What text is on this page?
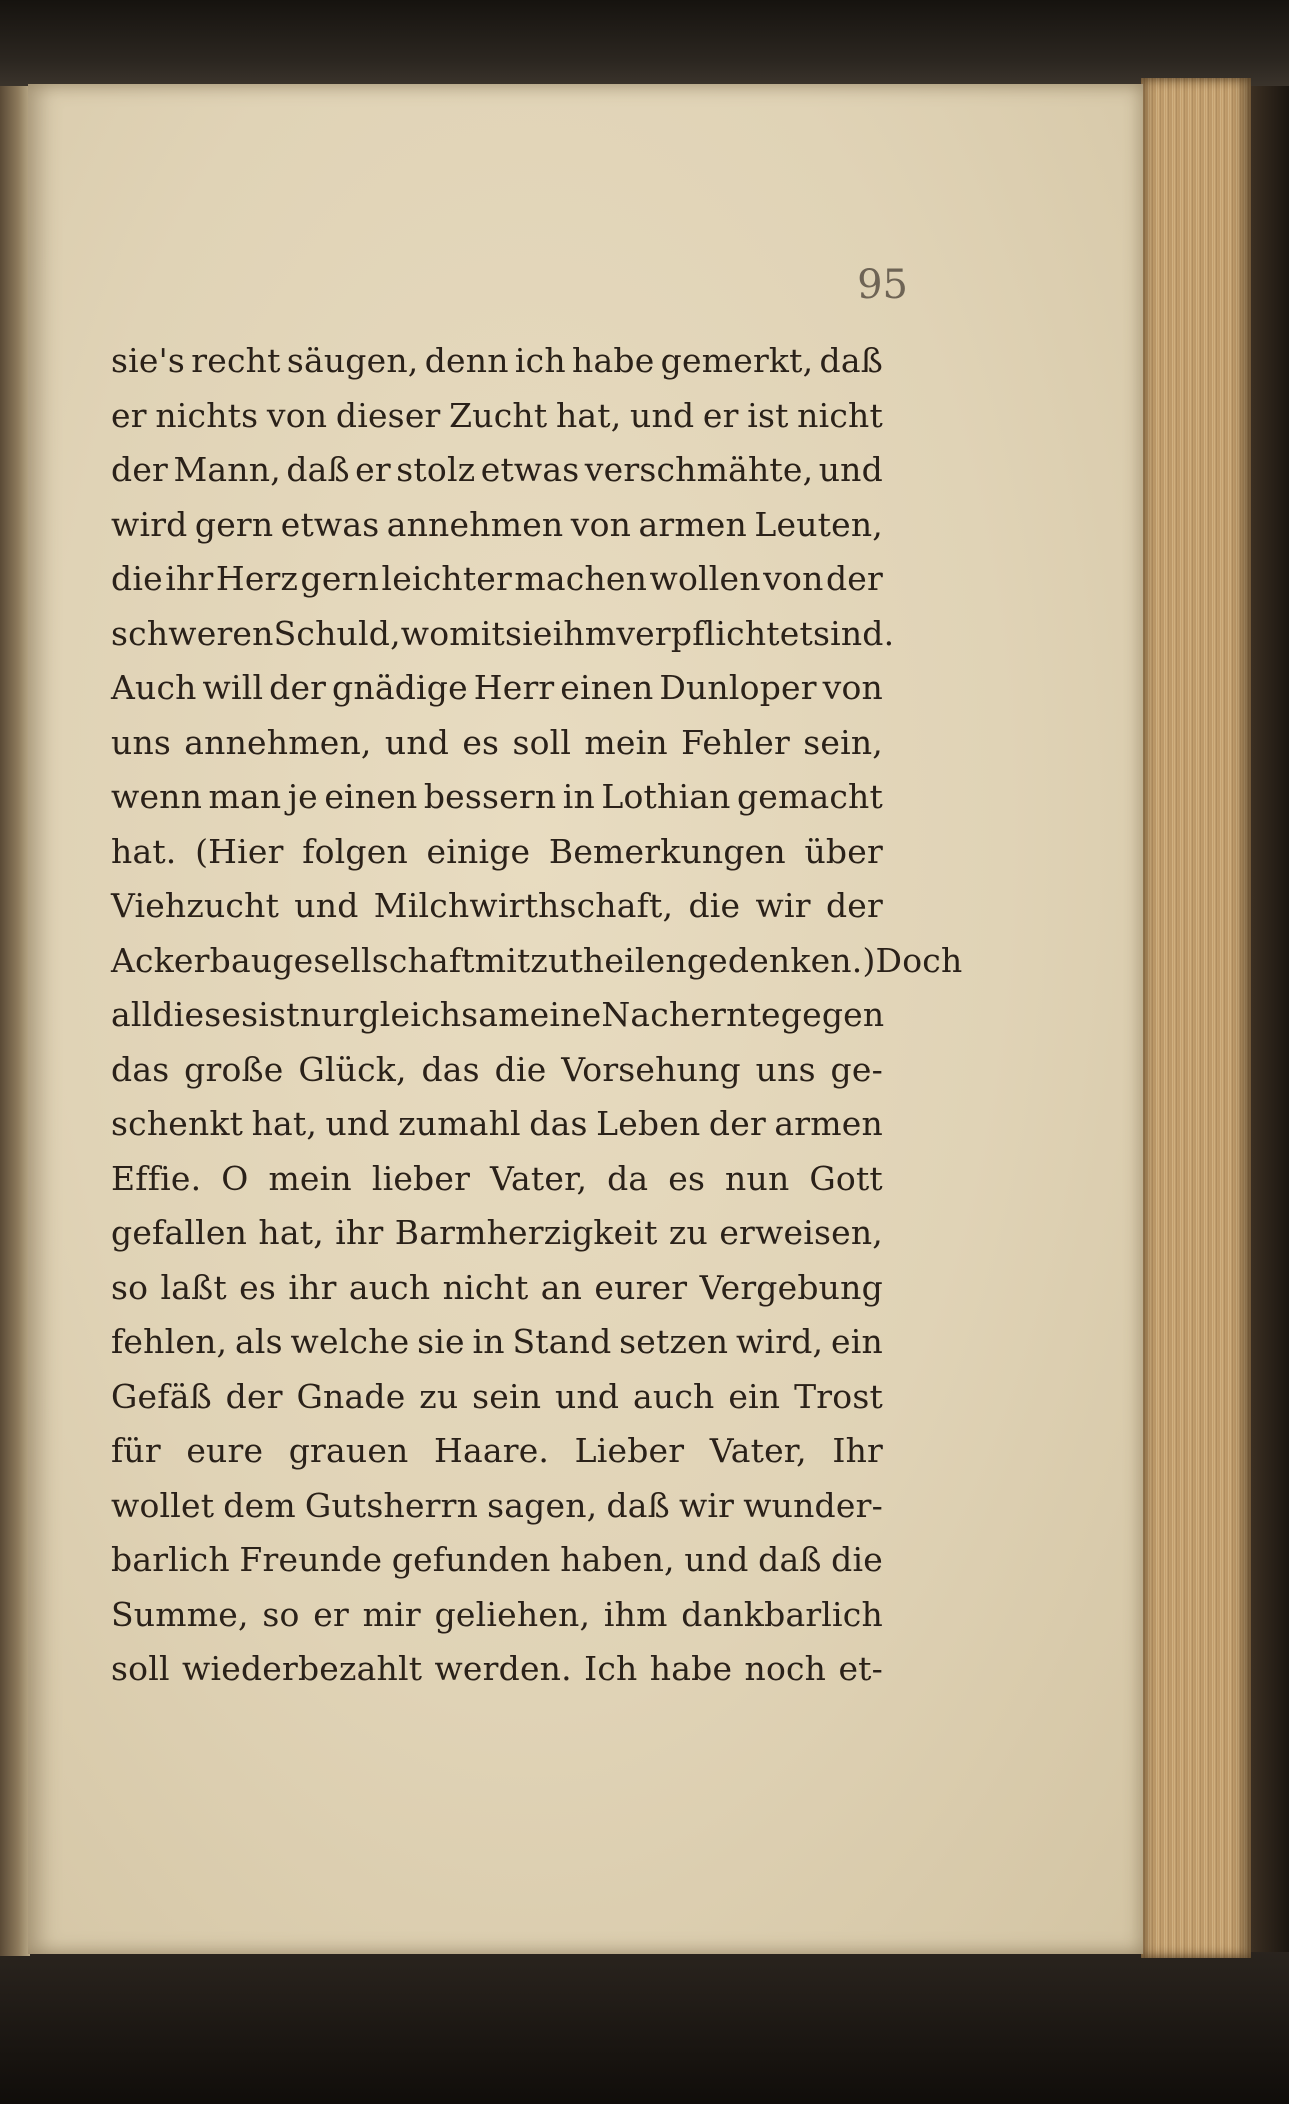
95
sie's recht säugen, denn ich habe gemerkt, daß
er nichts von dieser Zucht hat, und er ist nicht
der Mann, daß er stolz etwas verschmähte, und
wird gern etwas annehmen von armen Leuten,
die ihr Herz gern leichter machen wollen von der
schweren Schuld, womit sie ihm verpflichtet sind.
Auch will der gnädige Herr einen Dunloper von
uns annehmen, und es soll mein Fehler sein,
wenn man je einen bessern in Lothian gemacht
hat. (Hier folgen einige Bemerkungen über
Viehzucht und Milchwirthschaft, die wir der
Ackerbaugesellschaft mitzutheilen gedenken.) Doch
all dieses ist nur gleichsam eine Nachernte gegen
das große Glück, das die Vorsehung uns ge-
schenkt hat, und zumahl das Leben der armen
Effie. O mein lieber Vater, da es nun Gott
gefallen hat, ihr Barmherzigkeit zu erweisen,
so laßt es ihr auch nicht an eurer Vergebung
fehlen, als welche sie in Stand setzen wird, ein
Gefäß der Gnade zu sein und auch ein Trost
für eure grauen Haare. Lieber Vater, Ihr
wollet dem Gutsherrn sagen, daß wir wunder-
barlich Freunde gefunden haben, und daß die
Summe, so er mir geliehen, ihm dankbarlich
soll wiederbezahlt werden. Ich habe noch et-
